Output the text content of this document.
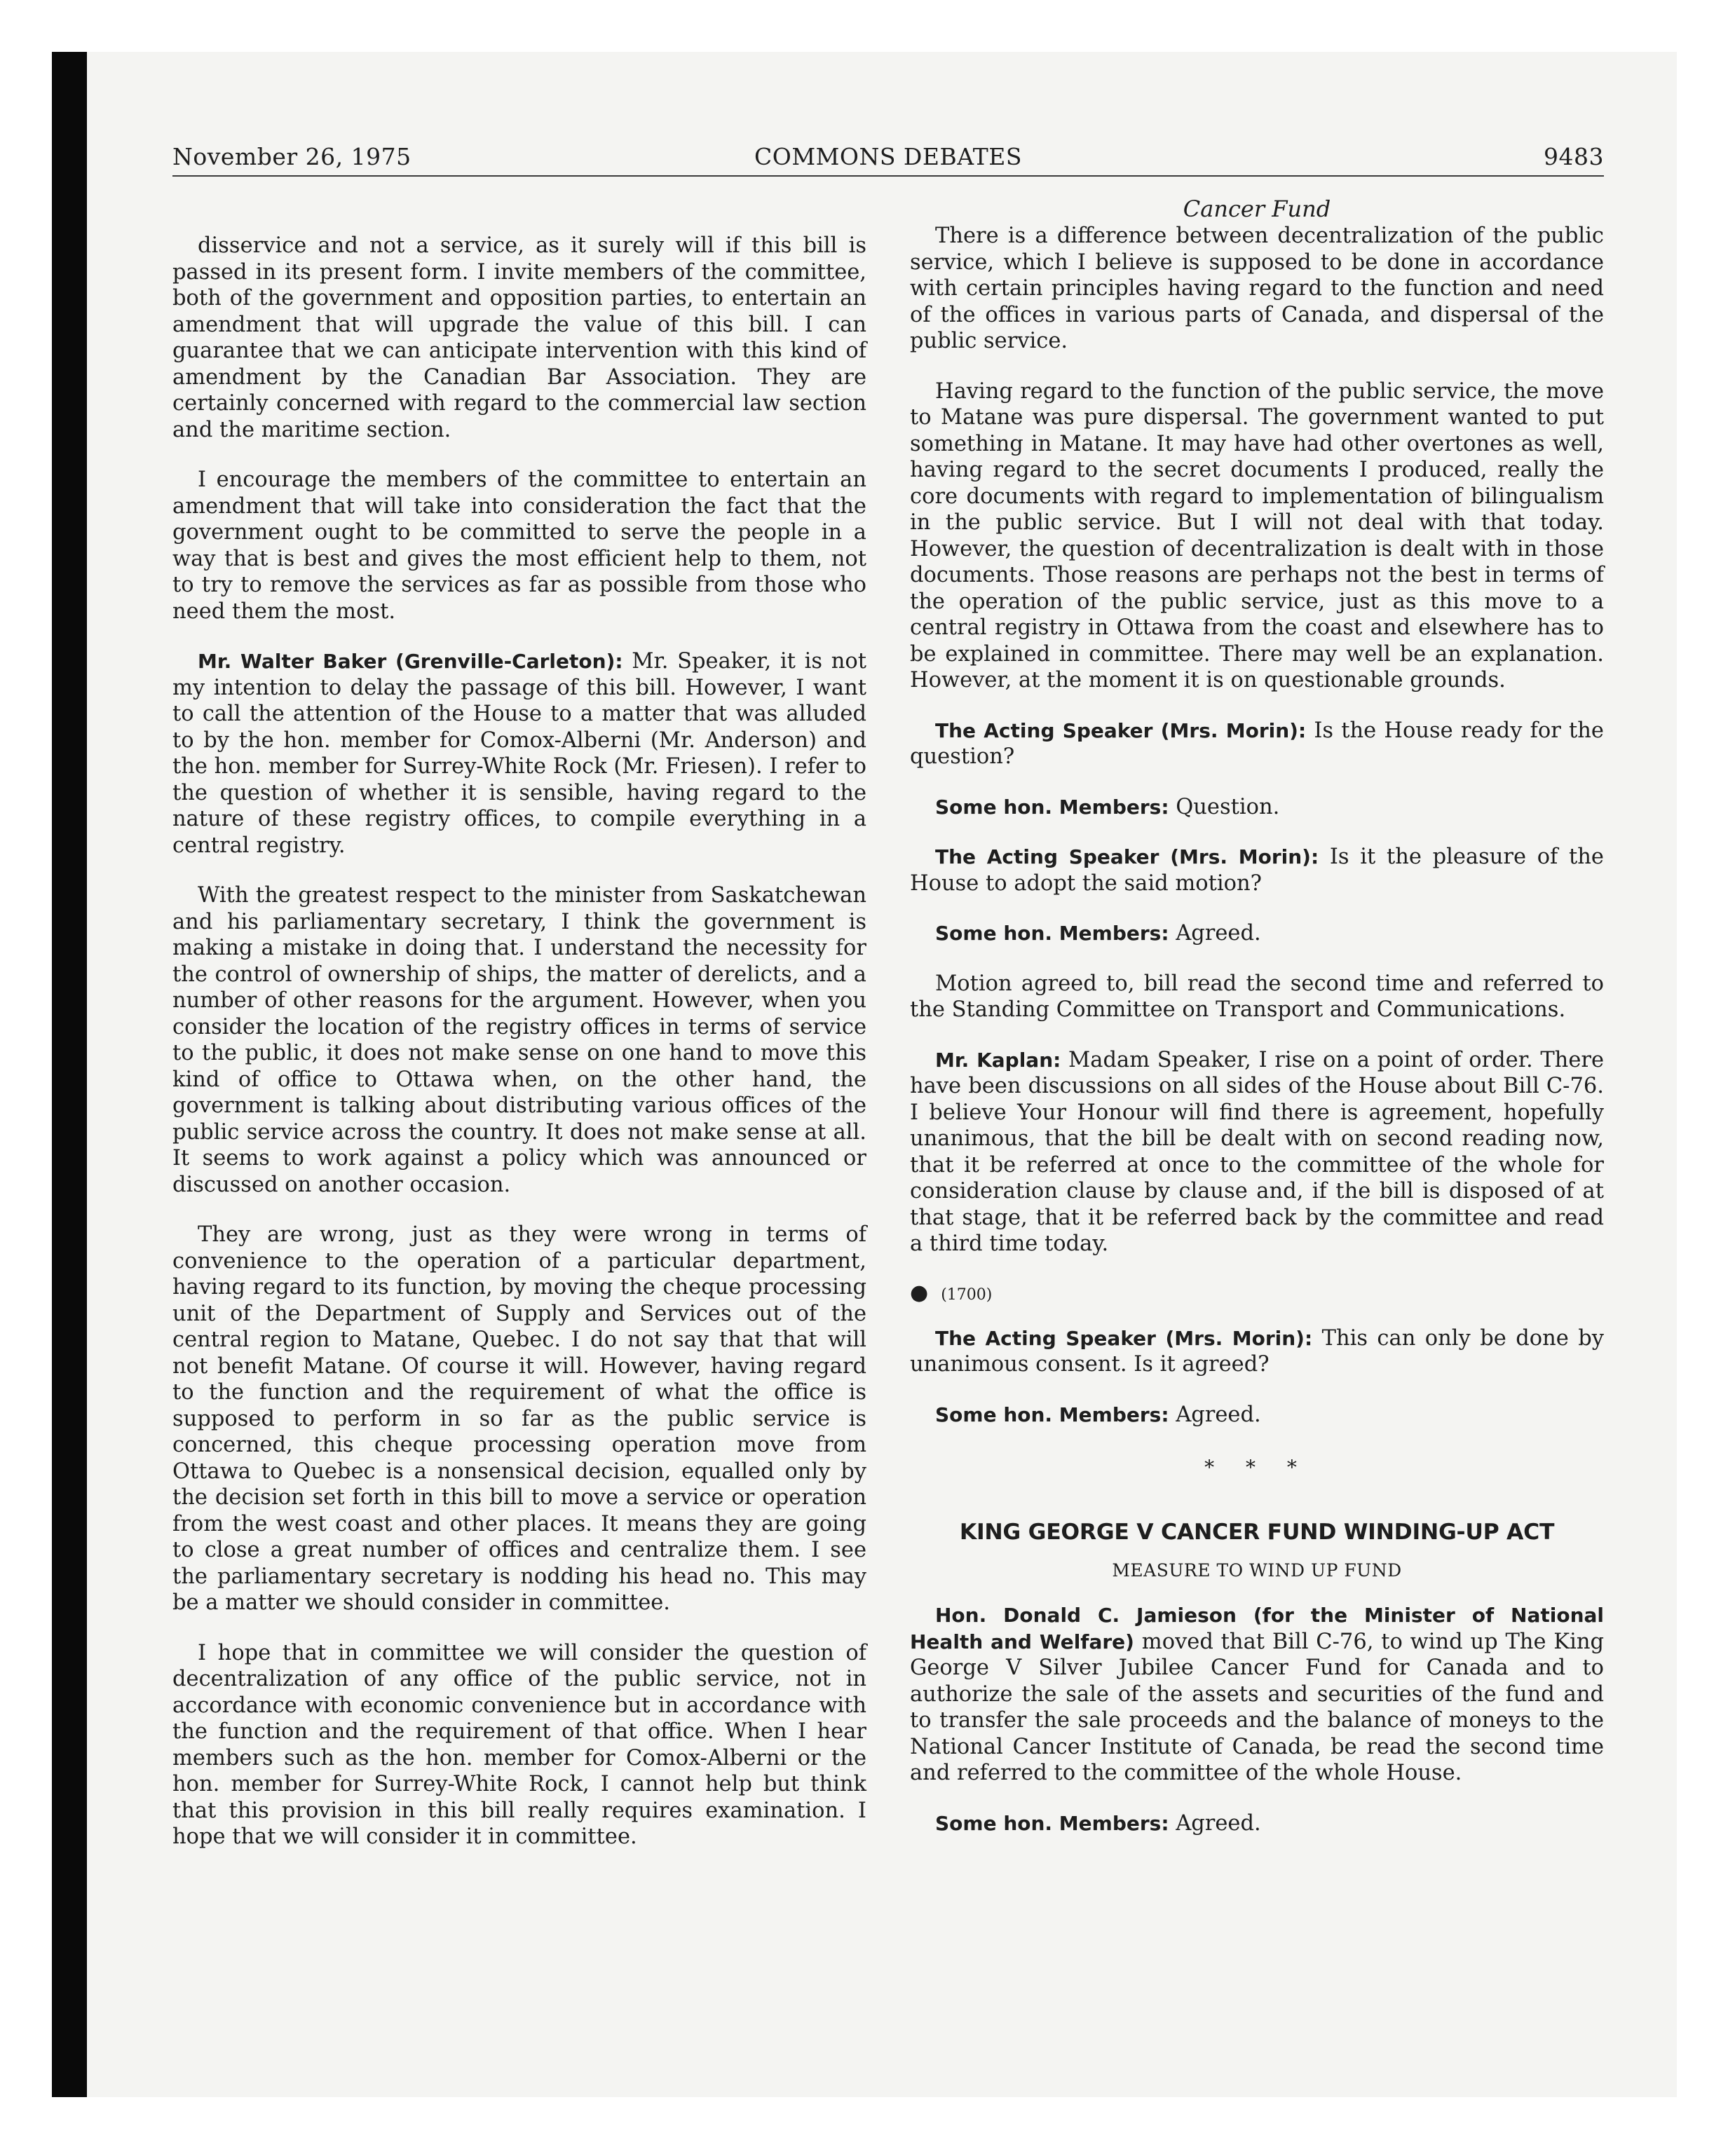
November 26, 1975	COMMONS DEBATES	9483

disservice and not a service, as it surely will if this bill is passed in its present form. I invite members of the committee, both of the government and opposition parties, to entertain an amendment that will upgrade the value of this bill. I can guarantee that we can anticipate intervention with this kind of amendment by the Canadian Bar Association. They are certainly concerned with regard to the commercial law section and the maritime section.

I encourage the members of the committee to entertain an amendment that will take into consideration the fact that the government ought to be committed to serve the people in a way that is best and gives the most efficient help to them, not to try to remove the services as far as possible from those who need them the most.

Mr. Walter Baker (Grenville-Carleton): Mr. Speaker, it is not my intention to delay the passage of this bill. However, I want to call the attention of the House to a matter that was alluded to by the hon. member for Comox-Alberni (Mr. Anderson) and the hon. member for Surrey-White Rock (Mr. Friesen). I refer to the question of whether it is sensible, having regard to the nature of these registry offices, to compile everything in a central registry.

With the greatest respect to the minister from Saskatchewan and his parliamentary secretary, I think the government is making a mistake in doing that. I understand the necessity for the control of ownership of ships, the matter of derelicts, and a number of other reasons for the argument. However, when you consider the location of the registry offices in terms of service to the public, it does not make sense on one hand to move this kind of office to Ottawa when, on the other hand, the government is talking about distributing various offices of the public service across the country. It does not make sense at all. It seems to work against a policy which was announced or discussed on another occasion.

They are wrong, just as they were wrong in terms of convenience to the operation of a particular department, having regard to its function, by moving the cheque processing unit of the Department of Supply and Services out of the central region to Matane, Quebec. I do not say that that will not benefit Matane. Of course it will. However, having regard to the function and the requirement of what the office is supposed to perform in so far as the public service is concerned, this cheque processing operation move from Ottawa to Quebec is a nonsensical decision, equalled only by the decision set forth in this bill to move a service or operation from the west coast and other places. It means they are going to close a great number of offices and centralize them. I see the parliamentary secretary is nodding his head no. This may be a matter we should consider in committee.

I hope that in committee we will consider the question of decentralization of any office of the public service, not in accordance with economic convenience but in accordance with the function and the requirement of that office. When I hear members such as the hon. member for Comox-Alberni or the hon. member for Surrey-White Rock, I cannot help but think that this provision in this bill really requires examination. I hope that we will consider it in committee.

Cancer Fund

There is a difference between decentralization of the public service, which I believe is supposed to be done in accordance with certain principles having regard to the function and need of the offices in various parts of Canada, and dispersal of the public service.

Having regard to the function of the public service, the move to Matane was pure dispersal. The government wanted to put something in Matane. It may have had other overtones as well, having regard to the secret documents I produced, really the core documents with regard to implementation of bilingualism in the public service. But I will not deal with that today. However, the question of decentralization is dealt with in those documents. Those reasons are perhaps not the best in terms of the operation of the public service, just as this move to a central registry in Ottawa from the coast and elsewhere has to be explained in committee. There may well be an explanation. However, at the moment it is on questionable grounds.

The Acting Speaker (Mrs. Morin): Is the House ready for the question?

Some hon. Members: Question.

The Acting Speaker (Mrs. Morin): Is it the pleasure of the House to adopt the said motion?

Some hon. Members: Agreed.

Motion agreed to, bill read the second time and referred to the Standing Committee on Transport and Communications.

Mr. Kaplan: Madam Speaker, I rise on a point of order. There have been discussions on all sides of the House about Bill C-76. I believe Your Honour will find there is agreement, hopefully unanimous, that the bill be dealt with on second reading now, that it be referred at once to the committee of the whole for consideration clause by clause and, if the bill is disposed of at that stage, that it be referred back by the committee and read a third time today.

● (1700)

The Acting Speaker (Mrs. Morin): This can only be done by unanimous consent. Is it agreed?

Some hon. Members: Agreed.

* * *
KING GEORGE V CANCER FUND WINDING-UP ACT
MEASURE TO WIND UP FUND

Hon. Donald C. Jamieson (for the Minister of National Health and Welfare) moved that Bill C-76, to wind up The King George V Silver Jubilee Cancer Fund for Canada and to authorize the sale of the assets and securities of the fund and to transfer the sale proceeds and the balance of moneys to the National Cancer Institute of Canada, be read the second time and referred to the committee of the whole House.

Some hon. Members: Agreed.
